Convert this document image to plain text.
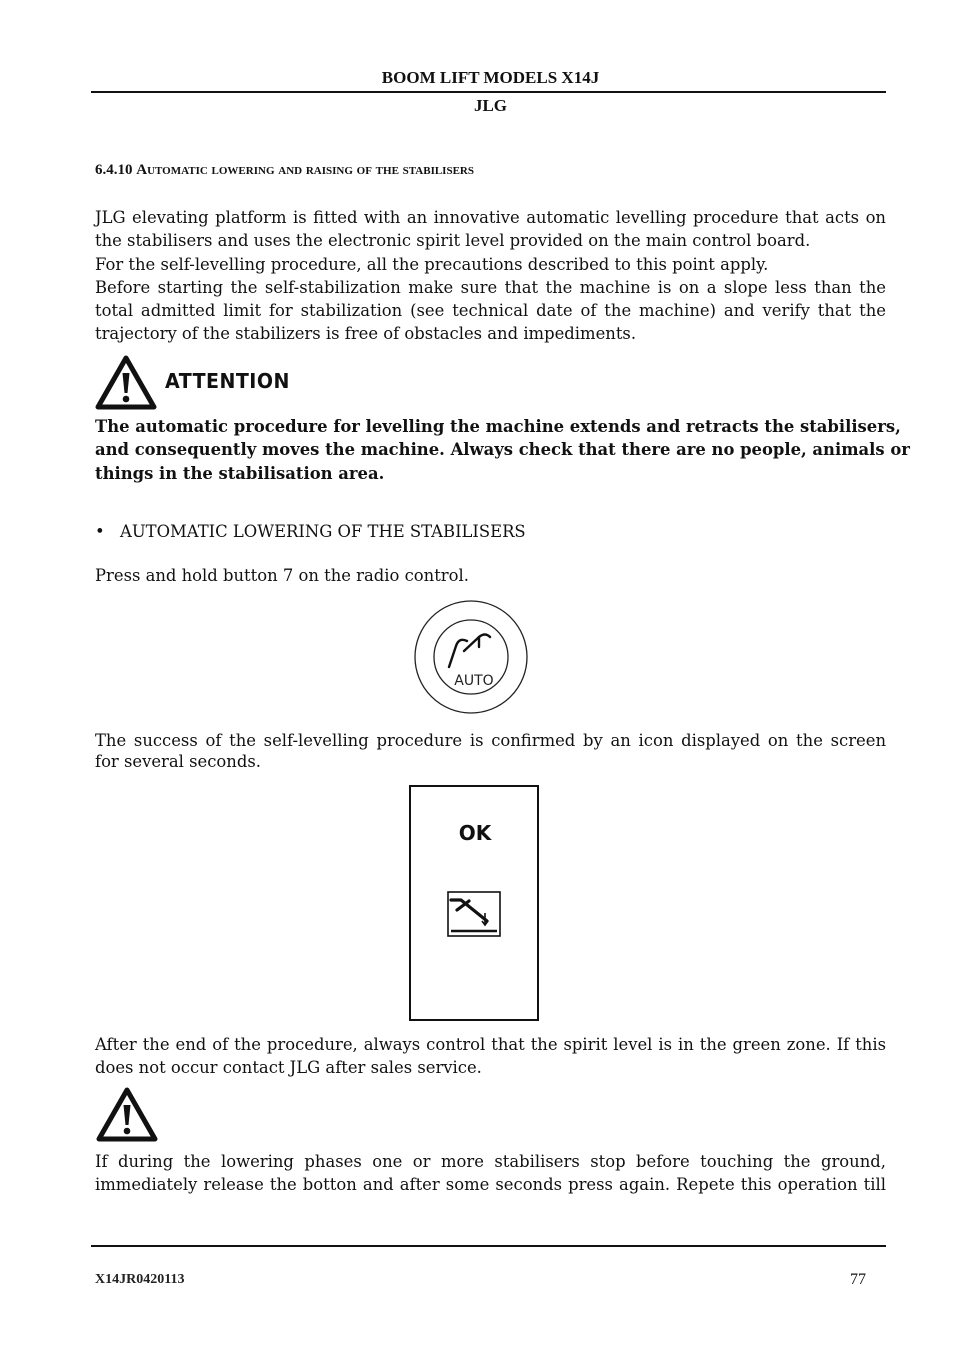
BOOM LIFT MODELS X14J
JLG
6.4.10 Automatic lowering and raising of the stabilisers
JLG elevating platform is fitted with an innovative automatic levelling procedure that acts on
the stabilisers and uses the electronic spirit level provided on the main control board.
For the self-levelling procedure, all the precautions described to this point apply.
Before starting the self-stabilization make sure that the machine is on a slope less than the
total admitted limit for stabilization (see technical date of the machine) and verify that the
trajectory of the stabilizers is free of obstacles and impediments.
ATTENTION
The automatic procedure for levelling the machine extends and retracts the stabilisers,
and consequently moves the machine. Always check that there are no people, animals or
things in the stabilisation area.
• AUTOMATIC LOWERING OF THE STABILISERS
Press and hold button 7 on the radio control.
AUTO
The success of the self-levelling procedure is confirmed by an icon displayed on the screen
for several seconds.
OK
After the end of the procedure, always control that the spirit level is in the green zone. If this
does not occur contact JLG after sales service.
If during the lowering phases one or more stabilisers stop before touching the ground,
immediately release the botton and after some seconds press again. Repete this operation till
X14JR0420113	77
